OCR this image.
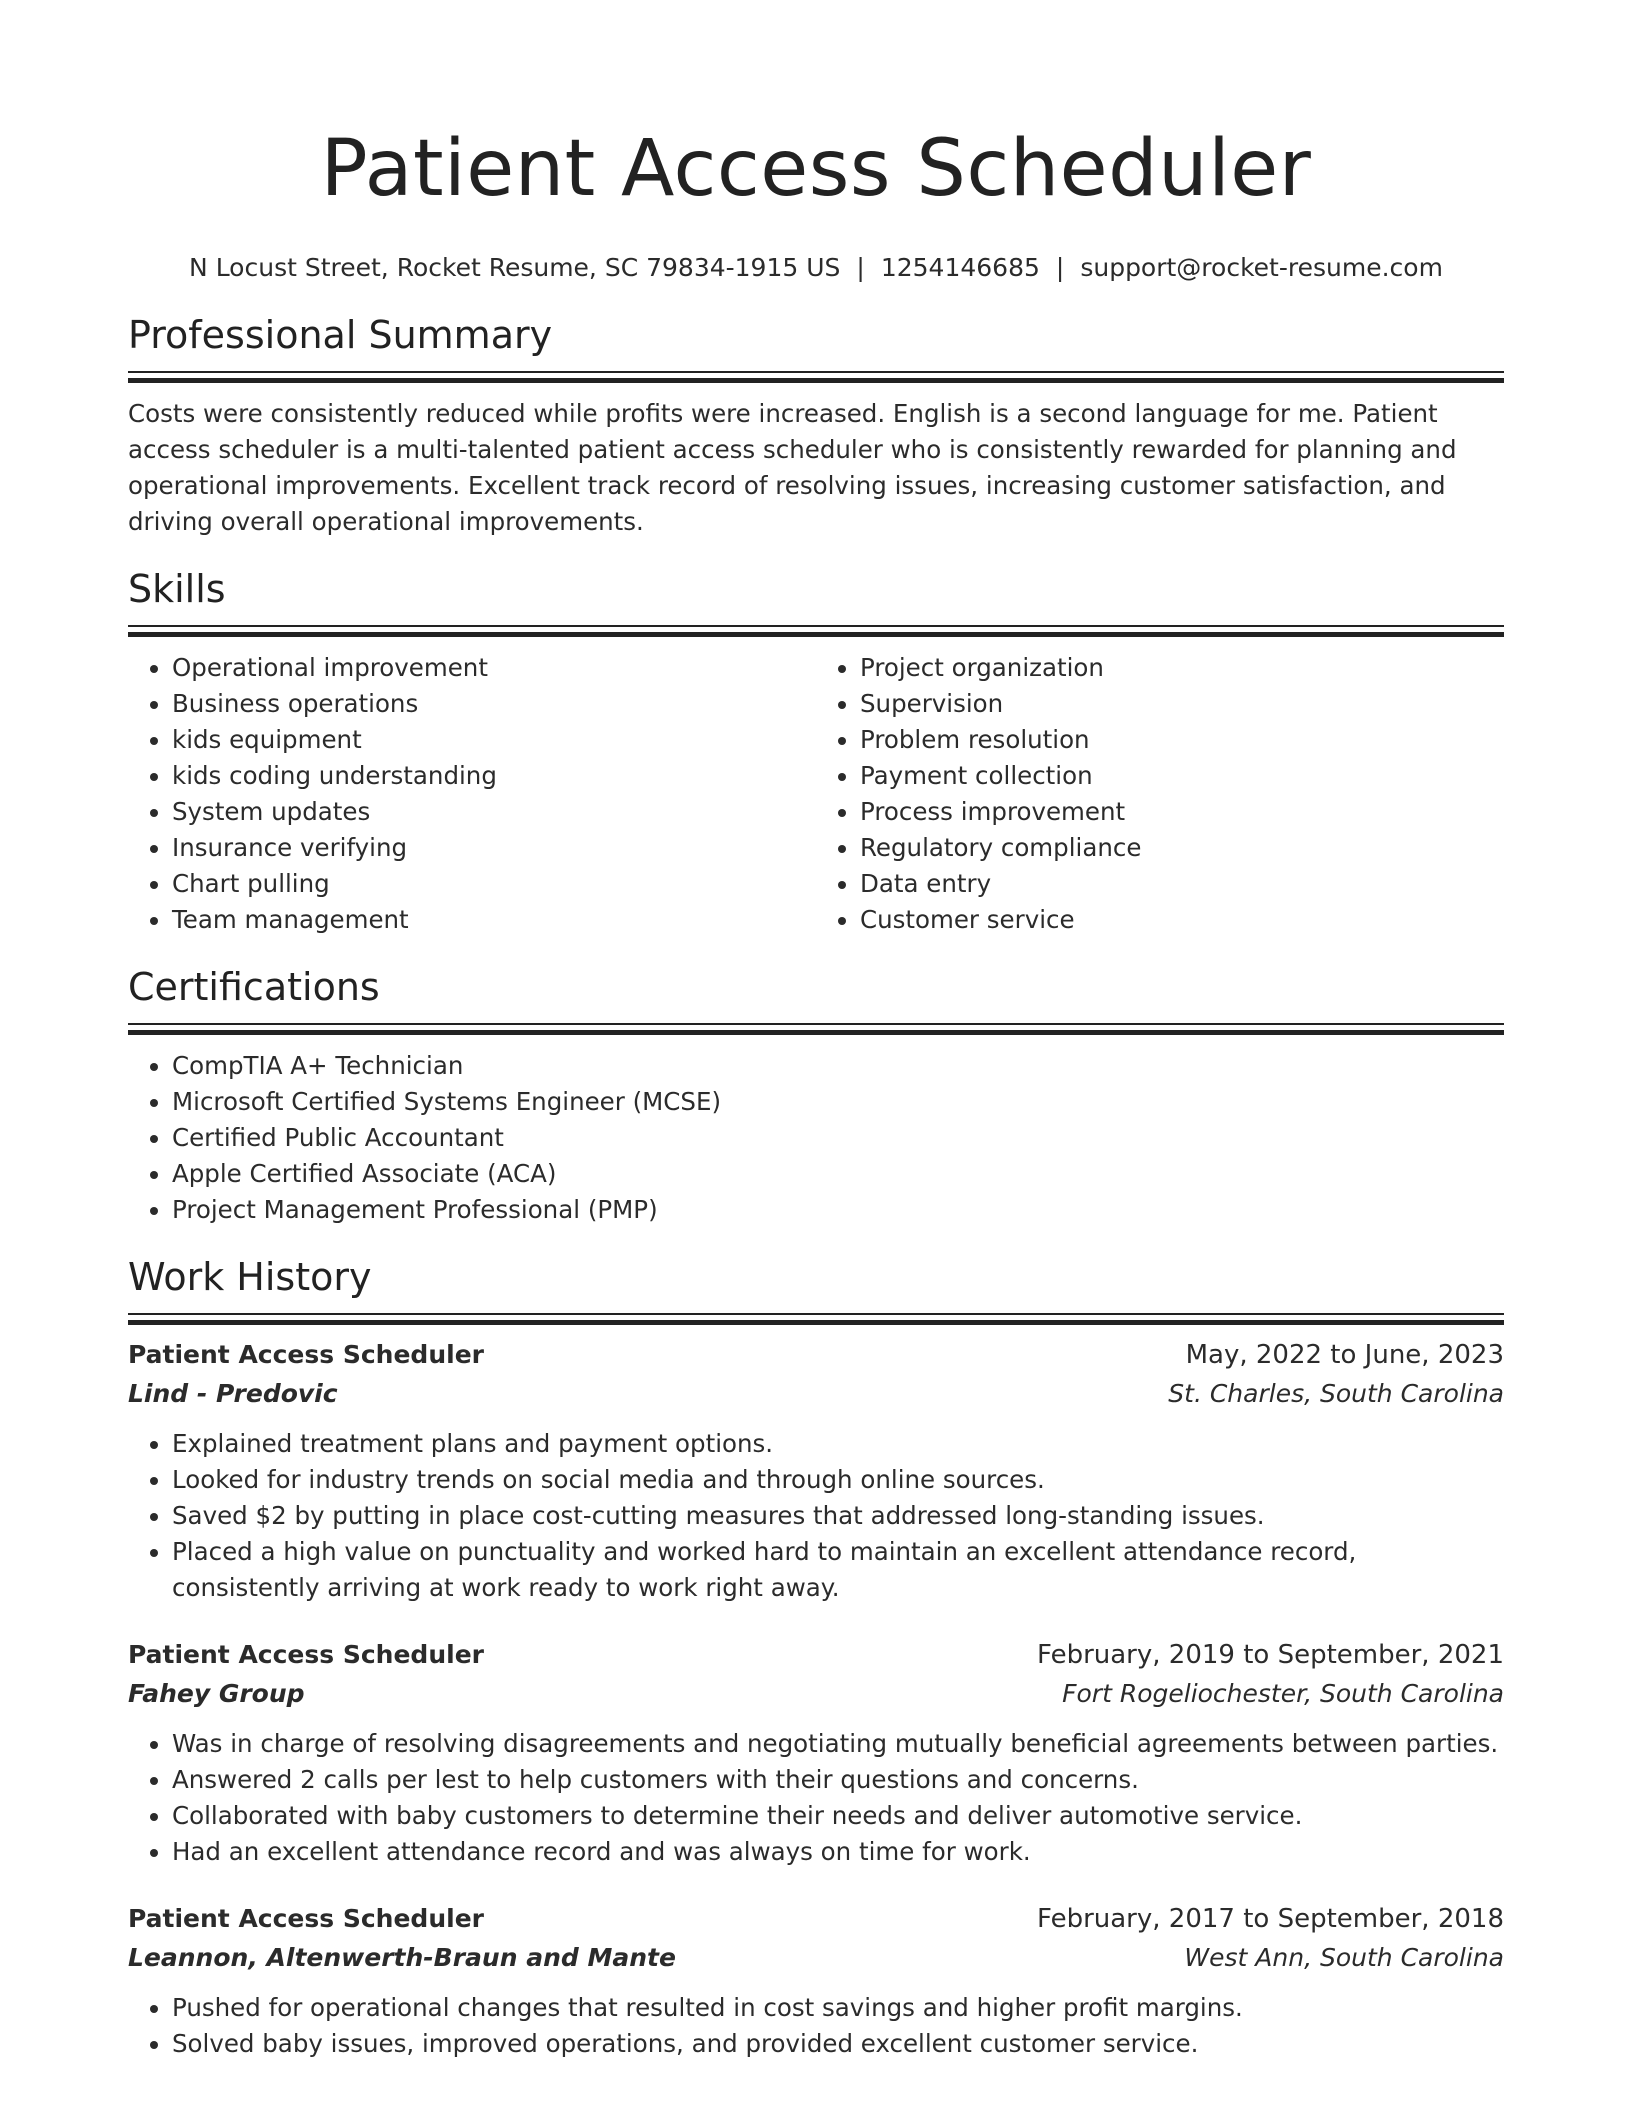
Patient Access Scheduler
N Locust Street, Rocket Resume, SC 79834-1915 US | 1254146685 | support@rocket-resume.com
Professional Summary
Costs were consistently reduced while profits were increased. English is a second language for me. Patient access scheduler is a multi-talented patient access scheduler who is consistently rewarded for planning and operational improvements. Excellent track record of resolving issues, increasing customer satisfaction, and driving overall operational improvements.
Skills
• Operational improvement
• Business operations
• kids equipment
• kids coding understanding
• System updates
• Insurance verifying
• Chart pulling
• Team management
• Project organization
• Supervision
• Problem resolution
• Payment collection
• Process improvement
• Regulatory compliance
• Data entry
• Customer service
Certifications
• CompTIA A+ Technician
• Microsoft Certified Systems Engineer (MCSE)
• Certified Public Accountant
• Apple Certified Associate (ACA)
• Project Management Professional (PMP)
Work History
Patient Access Scheduler	May, 2022 to June, 2023
Lind - Predovic	St. Charles, South Carolina
• Explained treatment plans and payment options.
• Looked for industry trends on social media and through online sources.
• Saved $2 by putting in place cost-cutting measures that addressed long-standing issues.
• Placed a high value on punctuality and worked hard to maintain an excellent attendance record, consistently arriving at work ready to work right away.
Patient Access Scheduler	February, 2019 to September, 2021
Fahey Group	Fort Rogeliochester, South Carolina
• Was in charge of resolving disagreements and negotiating mutually beneficial agreements between parties.
• Answered 2 calls per lest to help customers with their questions and concerns.
• Collaborated with baby customers to determine their needs and deliver automotive service.
• Had an excellent attendance record and was always on time for work.
Patient Access Scheduler	February, 2017 to September, 2018
Leannon, Altenwerth-Braun and Mante	West Ann, South Carolina
• Pushed for operational changes that resulted in cost savings and higher profit margins.
• Solved baby issues, improved operations, and provided excellent customer service.
